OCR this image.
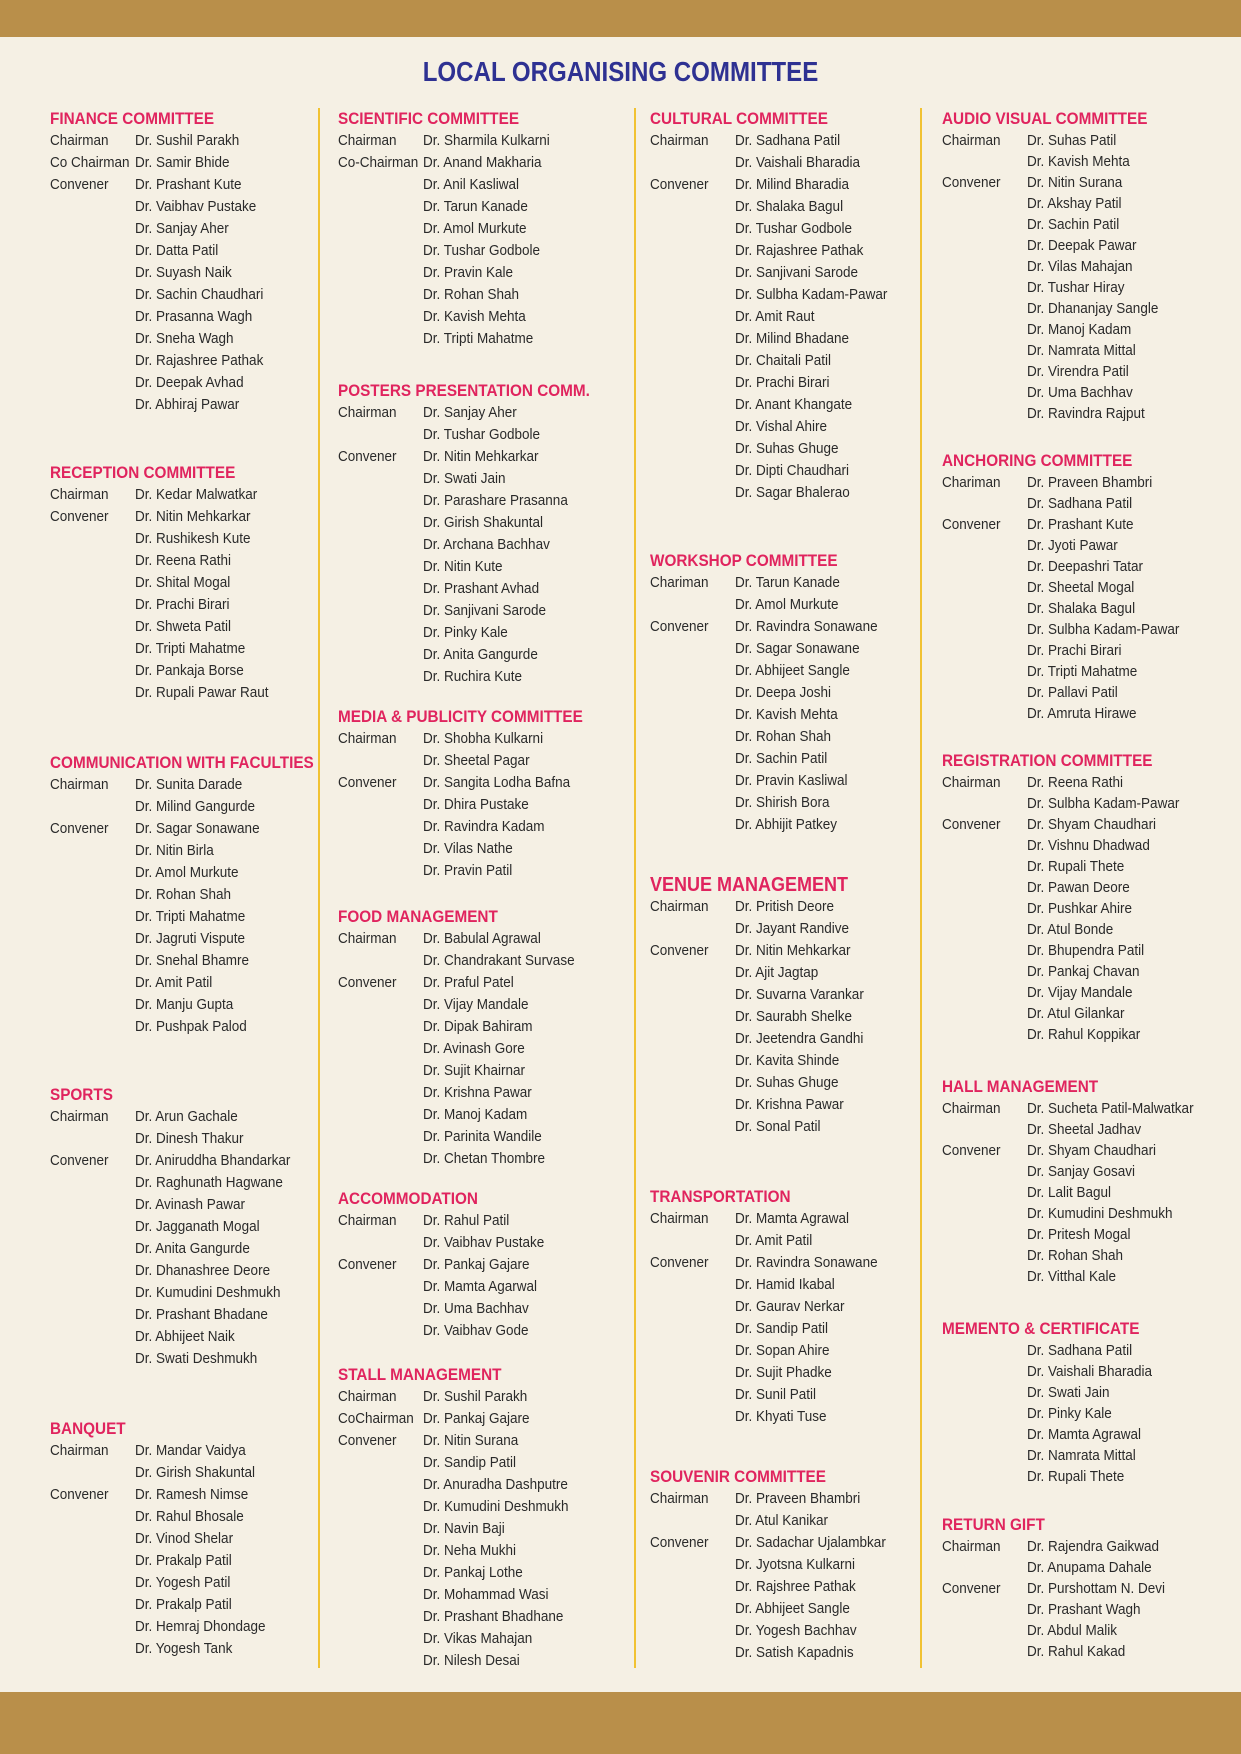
LOCAL ORGANISING COMMITTEE
FINANCE COMMITTEE
Chairman Dr. Sushil Parakh
Co Chairman Dr. Samir Bhide
Convener Dr. Prashant Kute
Dr. Vaibhav Pustake
Dr. Sanjay Aher
Dr. Datta Patil
Dr. Suyash Naik
Dr. Sachin Chaudhari
Dr. Prasanna Wagh
Dr. Sneha Wagh
Dr. Rajashree Pathak
Dr. Deepak Avhad
Dr. Abhiraj Pawar
RECEPTION COMMITTEE
Chairman Dr. Kedar Malwatkar
Convener Dr. Nitin Mehkarkar
Dr. Rushikesh Kute
Dr. Reena Rathi
Dr. Shital Mogal
Dr. Prachi Birari
Dr. Shweta Patil
Dr. Tripti Mahatme
Dr. Pankaja Borse
Dr. Rupali Pawar Raut
COMMUNICATION WITH FACULTIES
Chairman Dr. Sunita Darade
Dr. Milind Gangurde
Convener Dr. Sagar Sonawane
Dr. Nitin Birla
Dr. Amol Murkute
Dr. Rohan Shah
Dr. Tripti Mahatme
Dr. Jagruti Vispute
Dr. Snehal Bhamre
Dr. Amit Patil
Dr. Manju Gupta
Dr. Pushpak Palod
SPORTS
Chairman Dr. Arun Gachale
Dr. Dinesh Thakur
Convener Dr. Aniruddha Bhandarkar
Dr. Raghunath Hagwane
Dr. Avinash Pawar
Dr. Jagganath Mogal
Dr. Anita Gangurde
Dr. Dhanashree Deore
Dr. Kumudini Deshmukh
Dr. Prashant Bhadane
Dr. Abhijeet Naik
Dr. Swati Deshmukh
BANQUET
Chairman Dr. Mandar Vaidya
Dr. Girish Shakuntal
Convener Dr. Ramesh Nimse
Dr. Rahul Bhosale
Dr. Vinod Shelar
Dr. Prakalp Patil
Dr. Yogesh Patil
Dr. Prakalp Patil
Dr. Hemraj Dhondage
Dr. Yogesh Tank
SCIENTIFIC COMMITTEE
Chairman Dr. Sharmila Kulkarni
Co-Chairman Dr. Anand Makharia
Dr. Anil Kasliwal
Dr. Tarun Kanade
Dr. Amol Murkute
Dr. Tushar Godbole
Dr. Pravin Kale
Dr. Rohan Shah
Dr. Kavish Mehta
Dr. Tripti Mahatme
POSTERS PRESENTATION COMM.
Chairman Dr. Sanjay Aher
Dr. Tushar Godbole
Convener Dr. Nitin Mehkarkar
Dr. Swati Jain
Dr. Parashare Prasanna
Dr. Girish Shakuntal
Dr. Archana Bachhav
Dr. Nitin Kute
Dr. Prashant Avhad
Dr. Sanjivani Sarode
Dr. Pinky Kale
Dr. Anita Gangurde
Dr. Ruchira Kute
MEDIA & PUBLICITY COMMITTEE
Chairman Dr. Shobha Kulkarni
Dr. Sheetal Pagar
Convener Dr. Sangita Lodha Bafna
Dr. Dhira Pustake
Dr. Ravindra Kadam
Dr. Vilas Nathe
Dr. Pravin Patil
FOOD MANAGEMENT
Chairman Dr. Babulal Agrawal
Dr. Chandrakant Survase
Convener Dr. Praful Patel
Dr. Vijay Mandale
Dr. Dipak Bahiram
Dr. Avinash Gore
Dr. Sujit Khairnar
Dr. Krishna Pawar
Dr. Manoj Kadam
Dr. Parinita Wandile
Dr. Chetan Thombre
ACCOMMODATION
Chairman Dr. Rahul Patil
Dr. Vaibhav Pustake
Convener Dr. Pankaj Gajare
Dr. Mamta Agarwal
Dr. Uma Bachhav
Dr. Vaibhav Gode
STALL MANAGEMENT
Chairman Dr. Sushil Parakh
CoChairman Dr. Pankaj Gajare
Convener Dr. Nitin Surana
Dr. Sandip Patil
Dr. Anuradha Dashputre
Dr. Kumudini Deshmukh
Dr. Navin Baji
Dr. Neha Mukhi
Dr. Pankaj Lothe
Dr. Mohammad Wasi
Dr. Prashant Bhadhane
Dr. Vikas Mahajan
Dr. Nilesh Desai
CULTURAL COMMITTEE
Chairman Dr. Sadhana Patil
Dr. Vaishali Bharadia
Convener Dr. Milind Bharadia
Dr. Shalaka Bagul
Dr. Tushar Godbole
Dr. Rajashree Pathak
Dr. Sanjivani Sarode
Dr. Sulbha Kadam-Pawar
Dr. Amit Raut
Dr. Milind Bhadane
Dr. Chaitali Patil
Dr. Prachi Birari
Dr. Anant Khangate
Dr. Vishal Ahire
Dr. Suhas Ghuge
Dr. Dipti Chaudhari
Dr. Sagar Bhalerao
WORKSHOP COMMITTEE
Chariman Dr. Tarun Kanade
Dr. Amol Murkute
Convener Dr. Ravindra Sonawane
Dr. Sagar Sonawane
Dr. Abhijeet Sangle
Dr. Deepa Joshi
Dr. Kavish Mehta
Dr. Rohan Shah
Dr. Sachin Patil
Dr. Pravin Kasliwal
Dr. Shirish Bora
Dr. Abhijit Patkey
VENUE MANAGEMENT
Chairman Dr. Pritish Deore
Dr. Jayant Randive
Convener Dr. Nitin Mehkarkar
Dr. Ajit Jagtap
Dr. Suvarna Varankar
Dr. Saurabh Shelke
Dr. Jeetendra Gandhi
Dr. Kavita Shinde
Dr. Suhas Ghuge
Dr. Krishna Pawar
Dr. Sonal Patil
TRANSPORTATION
Chairman Dr. Mamta Agrawal
Dr. Amit Patil
Convener Dr. Ravindra Sonawane
Dr. Hamid Ikabal
Dr. Gaurav Nerkar
Dr. Sandip Patil
Dr. Sopan Ahire
Dr. Sujit Phadke
Dr. Sunil Patil
Dr. Khyati Tuse
SOUVENIR COMMITTEE
Chairman Dr. Praveen Bhambri
Dr. Atul Kanikar
Convener Dr. Sadachar Ujalambkar
Dr. Jyotsna Kulkarni
Dr. Rajshree Pathak
Dr. Abhijeet Sangle
Dr. Yogesh Bachhav
Dr. Satish Kapadnis
AUDIO VISUAL COMMITTEE
Chairman Dr. Suhas Patil
Dr. Kavish Mehta
Convener Dr. Nitin Surana
Dr. Akshay Patil
Dr. Sachin Patil
Dr. Deepak Pawar
Dr. Vilas Mahajan
Dr. Tushar Hiray
Dr. Dhananjay Sangle
Dr. Manoj Kadam
Dr. Namrata Mittal
Dr. Virendra Patil
Dr. Uma Bachhav
Dr. Ravindra Rajput
ANCHORING COMMITTEE
Chariman Dr. Praveen Bhambri
Dr. Sadhana Patil
Convener Dr. Prashant Kute
Dr. Jyoti Pawar
Dr. Deepashri Tatar
Dr. Sheetal Mogal
Dr. Shalaka Bagul
Dr. Sulbha Kadam-Pawar
Dr. Prachi Birari
Dr. Tripti Mahatme
Dr. Pallavi Patil
Dr. Amruta Hirawe
REGISTRATION COMMITTEE
Chairman Dr. Reena Rathi
Dr. Sulbha Kadam-Pawar
Convener Dr. Shyam Chaudhari
Dr. Vishnu Dhadwad
Dr. Rupali Thete
Dr. Pawan Deore
Dr. Pushkar Ahire
Dr. Atul Bonde
Dr. Bhupendra Patil
Dr. Pankaj Chavan
Dr. Vijay Mandale
Dr. Atul Gilankar
Dr. Rahul Koppikar
HALL MANAGEMENT
Chairman Dr. Sucheta Patil-Malwatkar
Dr. Sheetal Jadhav
Convener Dr. Shyam Chaudhari
Dr. Sanjay Gosavi
Dr. Lalit Bagul
Dr. Kumudini Deshmukh
Dr. Pritesh Mogal
Dr. Rohan Shah
Dr. Vitthal Kale
MEMENTO & CERTIFICATE
Dr. Sadhana Patil
Dr. Vaishali Bharadia
Dr. Swati Jain
Dr. Pinky Kale
Dr. Mamta Agrawal
Dr. Namrata Mittal
Dr. Rupali Thete
RETURN GIFT
Chairman Dr. Rajendra Gaikwad
Dr. Anupama Dahale
Convener Dr. Purshottam N. Devi
Dr. Prashant Wagh
Dr. Abdul Malik
Dr. Rahul Kakad
